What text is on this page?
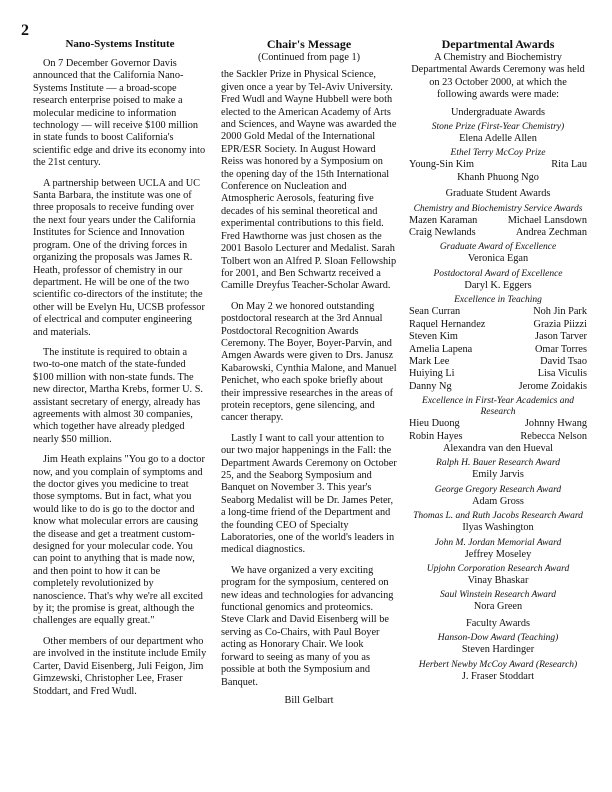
2
Nano-Systems Institute

On 7 December Governor Davis announced that the California Nano-Systems Institute — a broad-scope research enterprise poised to make a molecular medicine to information technology — will receive $100 million in state funds to boost California's scientific edge and drive its economy into the 21st century.

A partnership between UCLA and UC Santa Barbara, the institute was one of three proposals to receive funding over the next four years under the California Institutes for Science and Innovation program. One of the driving forces in organizing the proposals was James R. Heath, professor of chemistry in our department. He will be one of the two scientific co-directors of the institute; the other will be Evelyn Hu, UCSB professor of electrical and computer engineering and materials.

The institute is required to obtain a two-to-one match of the state-funded $100 million with non-state funds. The new director, Martha Krebs, former U. S. assistant secretary of energy, already has agreements with almost 30 companies, which together have already pledged nearly $50 million.

Jim Heath explains "You go to a doctor now, and you complain of symptoms and the doctor gives you medicine to treat those symptoms. But in fact, what you would like to do is go to the doctor and know what molecular errors are causing the disease and get a treatment custom-designed for your molecular code. You can point to anything that is made now, and then point to how it can be completely revolutionized by nanoscience. That's why we're all excited by it; the promise is great, although the challenges are equally great."

Other members of our department who are involved in the institute include Emily Carter, David Eisenberg, Juli Feigon, Jim Gimzewski, Christopher Lee, Fraser Stoddart, and Fred Wudl.

Chair's Message
(Continued from page 1)

the Sackler Prize in Physical Science, given once a year by Tel-Aviv University. Fred Wudl and Wayne Hubbell were both elected to the American Academy of Arts and Sciences, and Wayne was awarded the 2000 Gold Medal of the International EPR/ESR Society. In August Howard Reiss was honored by a Symposium on the opening day of the 15th International Conference on Nucleation and Atmospheric Aerosols, featuring five decades of his seminal theoretical and experimental contributions to this field. Fred Hawthorne was just chosen as the 2001 Basolo Lecturer and Medalist. Sarah Tolbert won an Alfred P. Sloan Fellowship for 2001, and Ben Schwartz received a Camille Dreyfus Teacher-Scholar Award.

On May 2 we honored outstanding postdoctoral research at the 3rd Annual Postdoctoral Recognition Awards Ceremony. The Boyer, Boyer-Parvin, and Amgen Awards were given to Drs. Janusz Kabarowski, Cynthia Malone, and Manuel Penichet, who each spoke briefly about their impressive researches in the areas of protein receptors, gene silencing, and cancer therapy.

Lastly I want to call your attention to our two major happenings in the Fall: the Department Awards Ceremony on October 25, and the Seaborg Symposium and Banquet on November 3. This year's Seaborg Medalist will be Dr. James Peter, a long-time friend of the Department and the founding CEO of Specialty Laboratories, one of the world's leaders in medical diagnostics.

We have organized a very exciting program for the symposium, centered on new ideas and technologies for advancing functional genomics and proteomics. Steve Clark and David Eisenberg will be serving as Co-Chairs, with Paul Boyer acting as Honorary Chair. We look forward to seeing as many of you as possible at both the Symposium and Banquet.

Bill Gelbart
Departmental Awards
A Chemistry and Biochemistry Departmental Awards Ceremony was held on 23 October 2000, at which the following awards were made:
Undergraduate Awards
Stone Prize (First-Year Chemistry)
Elena Adelle Allen
Ethel Terry McCoy Prize
Young-Sin Kim	Rita Lau
Khanh Phuong Ngo
Graduate Student Awards
Chemistry and Biochemistry Service Awards
Mazen Karaman	Michael Lansdown
Craig Newlands	Andrea Zechman
Graduate Award of Excellence
Veronica Egan
Postdoctoral Award of Excellence
Daryl K. Eggers
Excellence in Teaching
Sean Curran	Noh Jin Park
Raquel Hernandez	Grazia Piizzi
Steven Kim	Jason Tarver
Amelia Lapena	Omar Torres
Mark Lee	David Tsao
Huiying Li	Lisa Viculis
Danny Ng	Jerome Zoidakis
Excellence in First-Year Academics and Research
Hieu Duong	Johnny Hwang
Robin Hayes	Rebecca Nelson
Alexandra van den Hueval
Ralph H. Bauer Research Award
Emily Jarvis
George Gregory Research Award
Adam Gross
Thomas L. and Ruth Jacobs Research Award
Ilyas Washington
John M. Jordan Memorial Award
Jeffrey Moseley
Upjohn Corporation Research Award
Vinay Bhaskar
Saul Winstein Research Award
Nora Green
Faculty Awards
Hanson-Dow Award (Teaching)
Steven Hardinger
Herbert Newby McCoy Award (Research)
J. Fraser Stoddart
